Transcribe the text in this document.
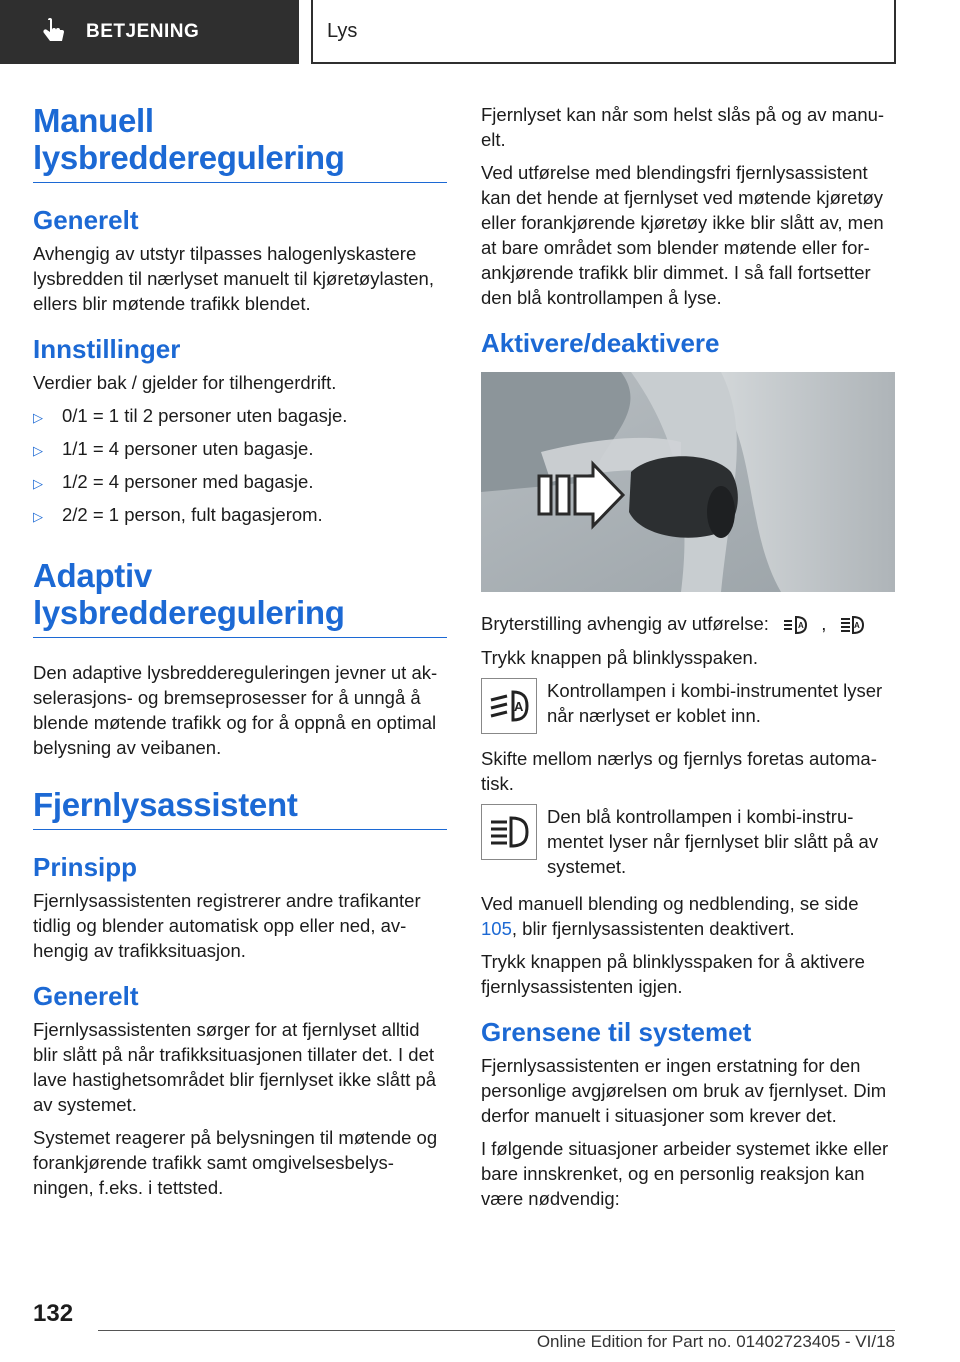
BETJENING	Lys
Manuell lysbredderegulering
Generelt

Avhengig av utstyr tilpasses halogenlyskastere lysbredden til nærlyset manuelt til kjøretøylasten, ellers blir møtende trafikk blendet.

Innstillinger

Verdier bak / gjelder for tilhengerdrift.

▷	0/1 = 1 til 2 personer uten bagasje.
▷	1/1 = 4 personer uten bagasje.
▷	1/2 = 4 personer med bagasje.
▷	2/2 = 1 person, fult bagasjerom.
Adaptiv lysbredderegulering

Den adaptive lysbreddereguleringen jevner ut akselerasjons- og bremseprosesser for å unngå å blende møtende trafikk og for å oppnå en optimal belysning av veibanen.

Fjernlysassistent
Prinsipp

Fjernlysassistenten registrerer andre trafikanter tidlig og blender automatisk opp eller ned, avhengig av trafikksituasjon.

Generelt

Fjernlysassistenten sørger for at fjernlyset alltid blir slått på når trafikksituasjonen tillater det. I det lave hastighetsområdet blir fjernlyset ikke slått på av systemet.

Systemet reagerer på belysningen til møtende og forankjørende trafikk samt omgivelsesbelysningen, f.eks. i tettsted.

Fjernlyset kan når som helst slås på og av manuelt.

Ved utførelse med blendingsfri fjernlysassistent kan det hende at fjernlyset ved møtende kjøretøy eller forankjørende kjøretøy ikke blir slått av, men at bare området som blender møtende eller forankjørende trafikk blir dimmet. I så fall fortsetter den blå kontrollampen å lyse.

Aktivere/deaktivere

Bryterstilling avhengig av utførelse:	A ,	A

Trykk knappen på blinklysspaken.

A

Kontrollampen i kombi-instrumentet lyser når nærlyset er koblet inn.

Skifte mellom nærlys og fjernlys foretas automatisk.

Den blå kontrollampen i kombi-instrumentet lyser når fjernlyset blir slått på av systemet.

Ved manuell blending og nedblending, se side 105, blir fjernlysassistenten deaktivert.

Trykk knappen på blinklysspaken for å aktivere fjernlysassistenten igjen.

Grensene til systemet

Fjernlysassistenten er ingen erstatning for den personlige avgjørelsen om bruk av fjernlyset. Dim derfor manuelt i situasjoner som krever det.

I følgende situasjoner arbeider systemet ikke eller bare innskrenket, og en personlig reaksjon kan være nødvendig:

132
Online Edition for Part no. 01402723405 - VI/18
